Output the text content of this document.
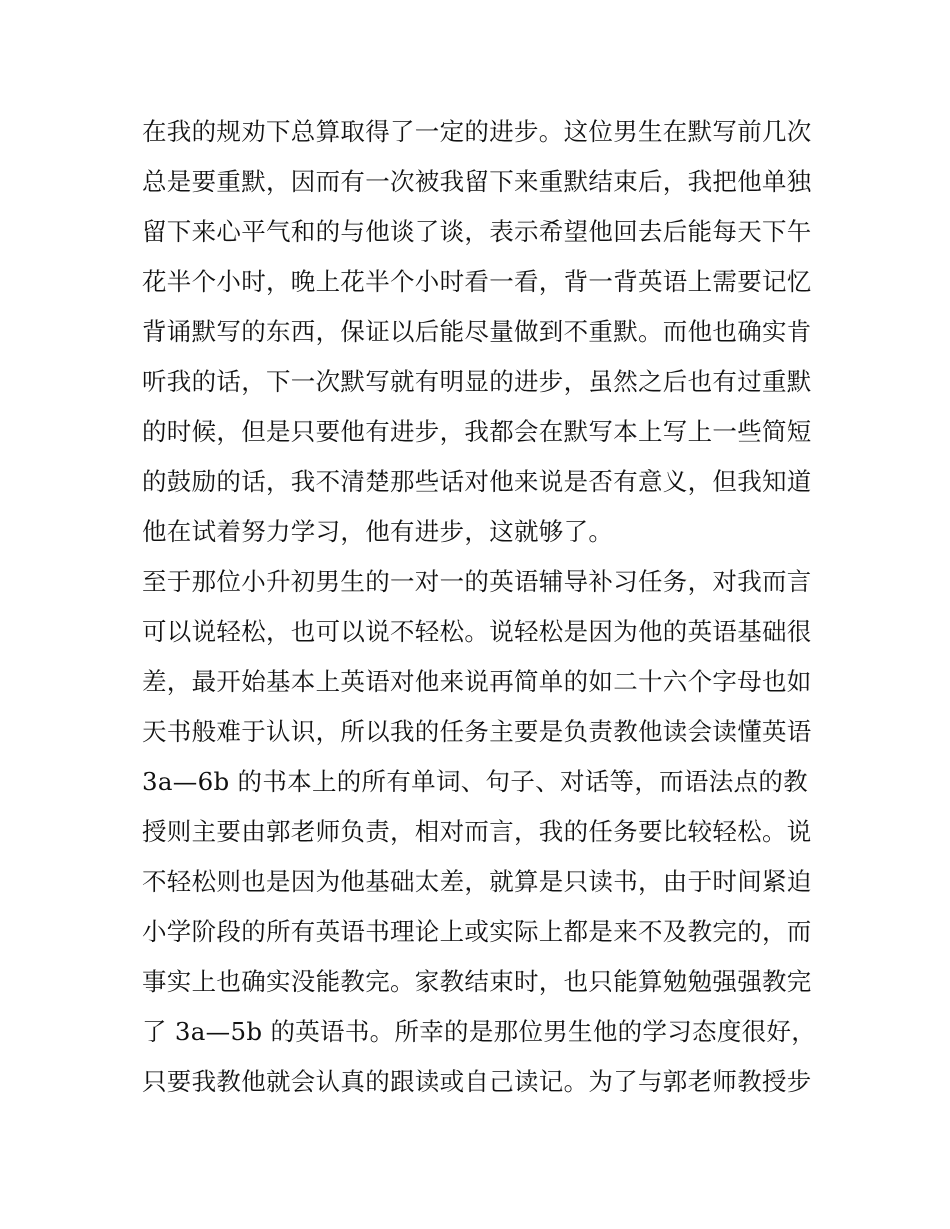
在我的规劝下总算取得了一定的进步。这位男生在默写前几次
总是要重默，因而有一次被我留下来重默结束后，我把他单独
留下来心平气和的与他谈了谈，表示希望他回去后能每天下午
花半个小时，晚上花半个小时看一看，背一背英语上需要记忆
背诵默写的东西，保证以后能尽量做到不重默。而他也确实肯
听我的话，下一次默写就有明显的进步，虽然之后也有过重默
的时候，但是只要他有进步，我都会在默写本上写上一些简短
的鼓励的话，我不清楚那些话对他来说是否有意义，但我知道
他在试着努力学习，他有进步，这就够了。
至于那位小升初男生的一对一的英语辅导补习任务，对我而言
可以说轻松，也可以说不轻松。说轻松是因为他的英语基础很
差，最开始基本上英语对他来说再简单的如二十六个字母也如
天书般难于认识，所以我的任务主要是负责教他读会读懂英语
3a—6b 的书本上的所有单词、句子、对话等，而语法点的教
授则主要由郭老师负责，相对而言，我的任务要比较轻松。说
不轻松则也是因为他基础太差，就算是只读书，由于时间紧迫
小学阶段的所有英语书理论上或实际上都是来不及教完的，而
事实上也确实没能教完。家教结束时，也只能算勉勉强强教完
了 3a—5b 的英语书。所幸的是那位男生他的学习态度很好，
只要我教他就会认真的跟读或自己读记。为了与郭老师教授步
